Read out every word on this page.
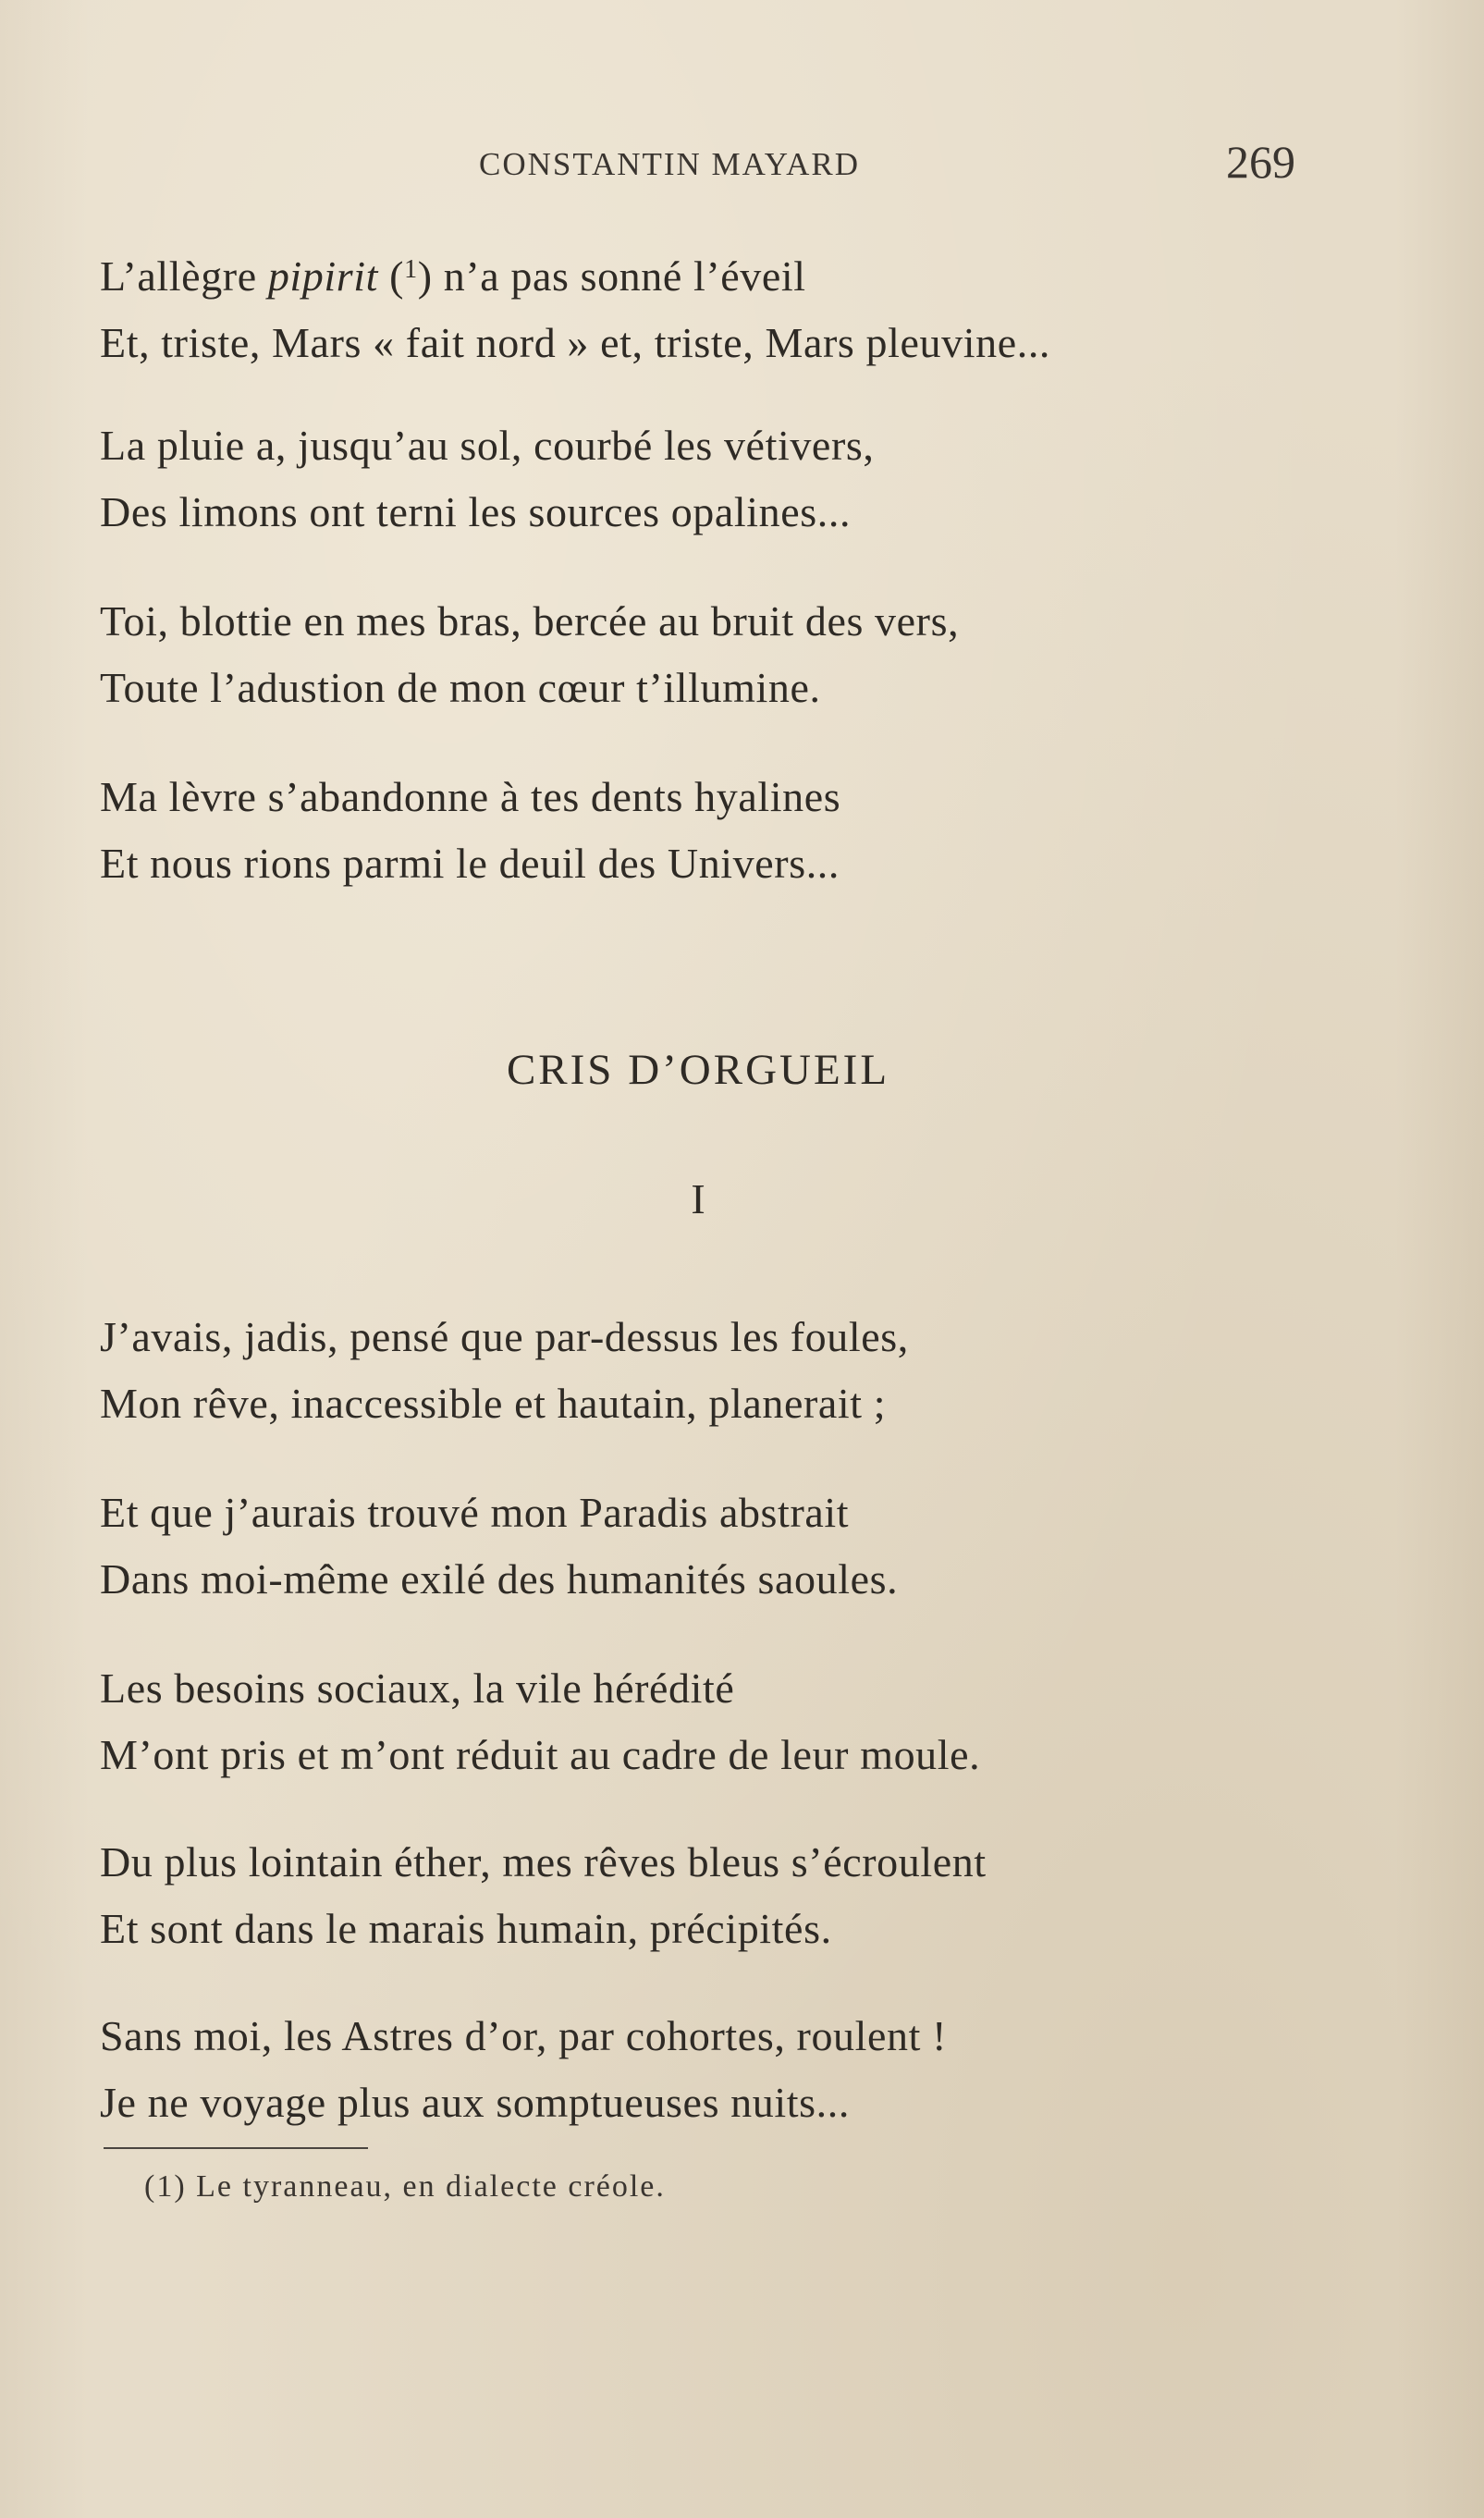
CONSTANTIN MAYARD	269
L’allègre pipirit ($^1$) n’a pas sonné l’éveil
Et, triste, Mars « fait nord » et, triste, Mars pleuvine...
La pluie a, jusqu’au sol, courbé les vétivers,
Des limons ont terni les sources opalines...
Toi, blottie en mes bras, bercée au bruit des vers,
Toute l’adustion de mon cœur t’illumine.
Ma lèvre s’abandonne à tes dents hyalines
Et nous rions parmi le deuil des Univers...
CRIS D’ORGUEIL
I
J’avais, jadis, pensé que par-dessus les foules,
Mon rêve, inaccessible et hautain, planerait ;
Et que j’aurais trouvé mon Paradis abstrait
Dans moi-même exilé des humanités saoules.
Les besoins sociaux, la vile hérédité
M’ont pris et m’ont réduit au cadre de leur moule.
Du plus lointain éther, mes rêves bleus s’écroulent
Et sont dans le marais humain, précipités.
Sans moi, les Astres d’or, par cohortes, roulent !
Je ne voyage plus aux somptueuses nuits...
(1) Le tyranneau, en dialecte créole.
